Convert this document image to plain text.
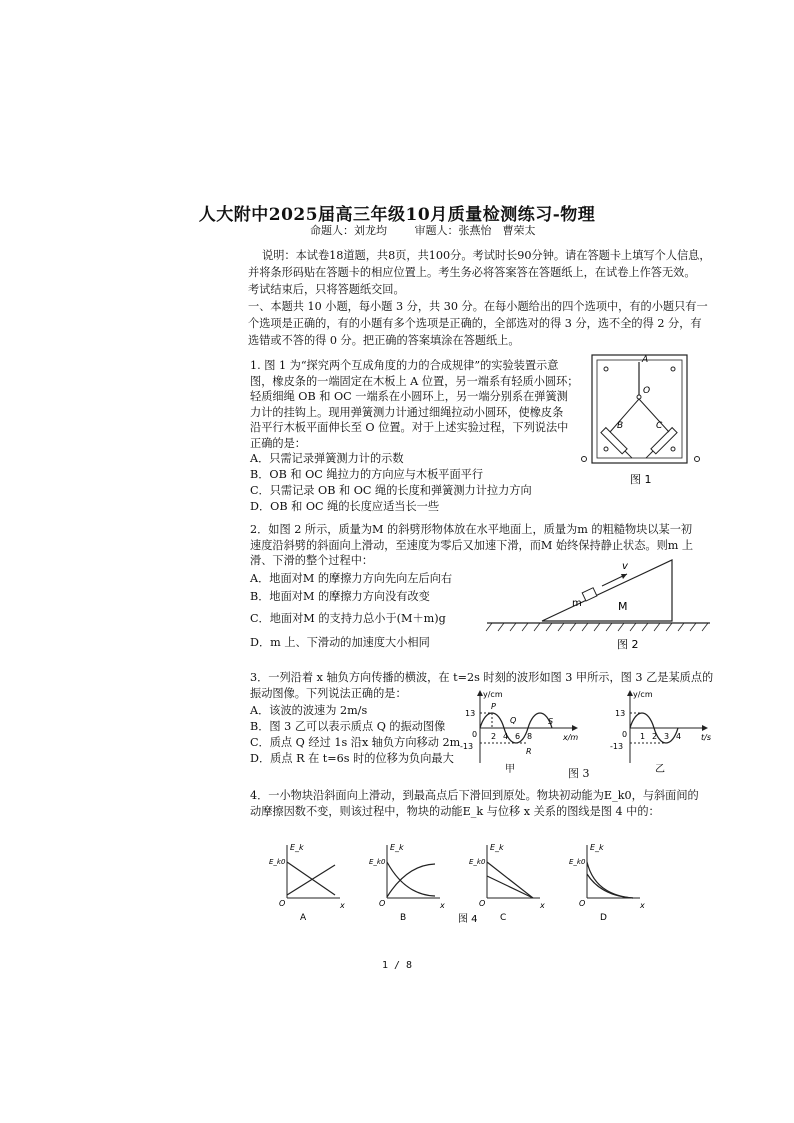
人大附中2025届高三年级10月质量检测练习-物理
命题人：刘龙均	审题人：张燕怡　曹荣太
说明：本试卷18道题，共8页，共100分。考试时长90分钟。请在答题卡上填写个人信息，
并将条形码贴在答题卡的相应位置上。考生务必将答案答在答题纸上，在试卷上作答无效。
考试结束后，只将答题纸交回。
一、本题共 10 小题，每小题 3 分，共 30 分。在每小题给出的四个选项中，有的小题只有一
个选项是正确的，有的小题有多个选项是正确的，全部选对的得 3 分，选不全的得 2 分，有
选错或不答的得 0 分。把正确的答案填涂在答题纸上。
1. 图 1 为“探究两个互成角度的力的合成规律”的实验装置示意
图，橡皮条的一端固定在木板上 A 位置，另一端系有轻质小圆环；
轻质细绳 OB 和 OC 一端系在小圆环上，另一端分别系在弹簧测
力计的挂钩上。现用弹簧测力计通过细绳拉动小圆环，使橡皮条
沿平行木板平面伸长至 O 位置。对于上述实验过程，下列说法中
正确的是：
A．只需记录弹簧测力计的示数
B．OB 和 OC 绳拉力的方向应与木板平面平行
C．只需记录 OB 和 OC 绳的长度和弹簧测力计拉力方向
D．OB 和 OC 绳的长度应适当长一些
A
O
B	C
图 1
2．如图 2 所示，质量为M 的斜劈形物体放在水平地面上，质量为m 的粗糙物块以某一初
速度沿斜劈的斜面向上滑动，至速度为零后又加速下滑，而M 始终保持静止状态。则m 上
滑、下滑的整个过程中：
A．地面对M 的摩擦力方向先向左后向右
B．地面对M 的摩擦力方向没有改变
C．地面对M 的支持力总小于(M＋m)g
D．m 上、下滑动的加速度大小相同
v
m	M
图 2
3．一列沿着 x 轴负方向传播的横波，在 t=2s 时刻的波形如图 3 甲所示，图 3 乙是某质点的
振动图像。下列说法正确的是：
A．该波的波速为 2m/s
B．图 3 乙可以表示质点 Q 的振动图像
C．质点 Q 经过 1s 沿x 轴负方向移动 2m
D．质点 R 在 t=6s 时的位移为负向最大
y/cm
x/m
13
-13
0 2 4 6 8
P
Q
R
S
甲	图 3
y/cm
t/s
13
-13
0 1 2 3 4
乙
4．一小物块沿斜面向上滑动，到最高点后下滑回到原处。物块初动能为E_k0，与斜面间的
动摩擦因数不变，则该过程中，物块的动能E_k 与位移 x 关系的图线是图 4 中的：
E_k
E_k0
O	x
A
E_k
E_k0
O	x
B
E_k
E_k0
O	x
C
E_k
E_k0
O	x
D
图 4
1 / 8
